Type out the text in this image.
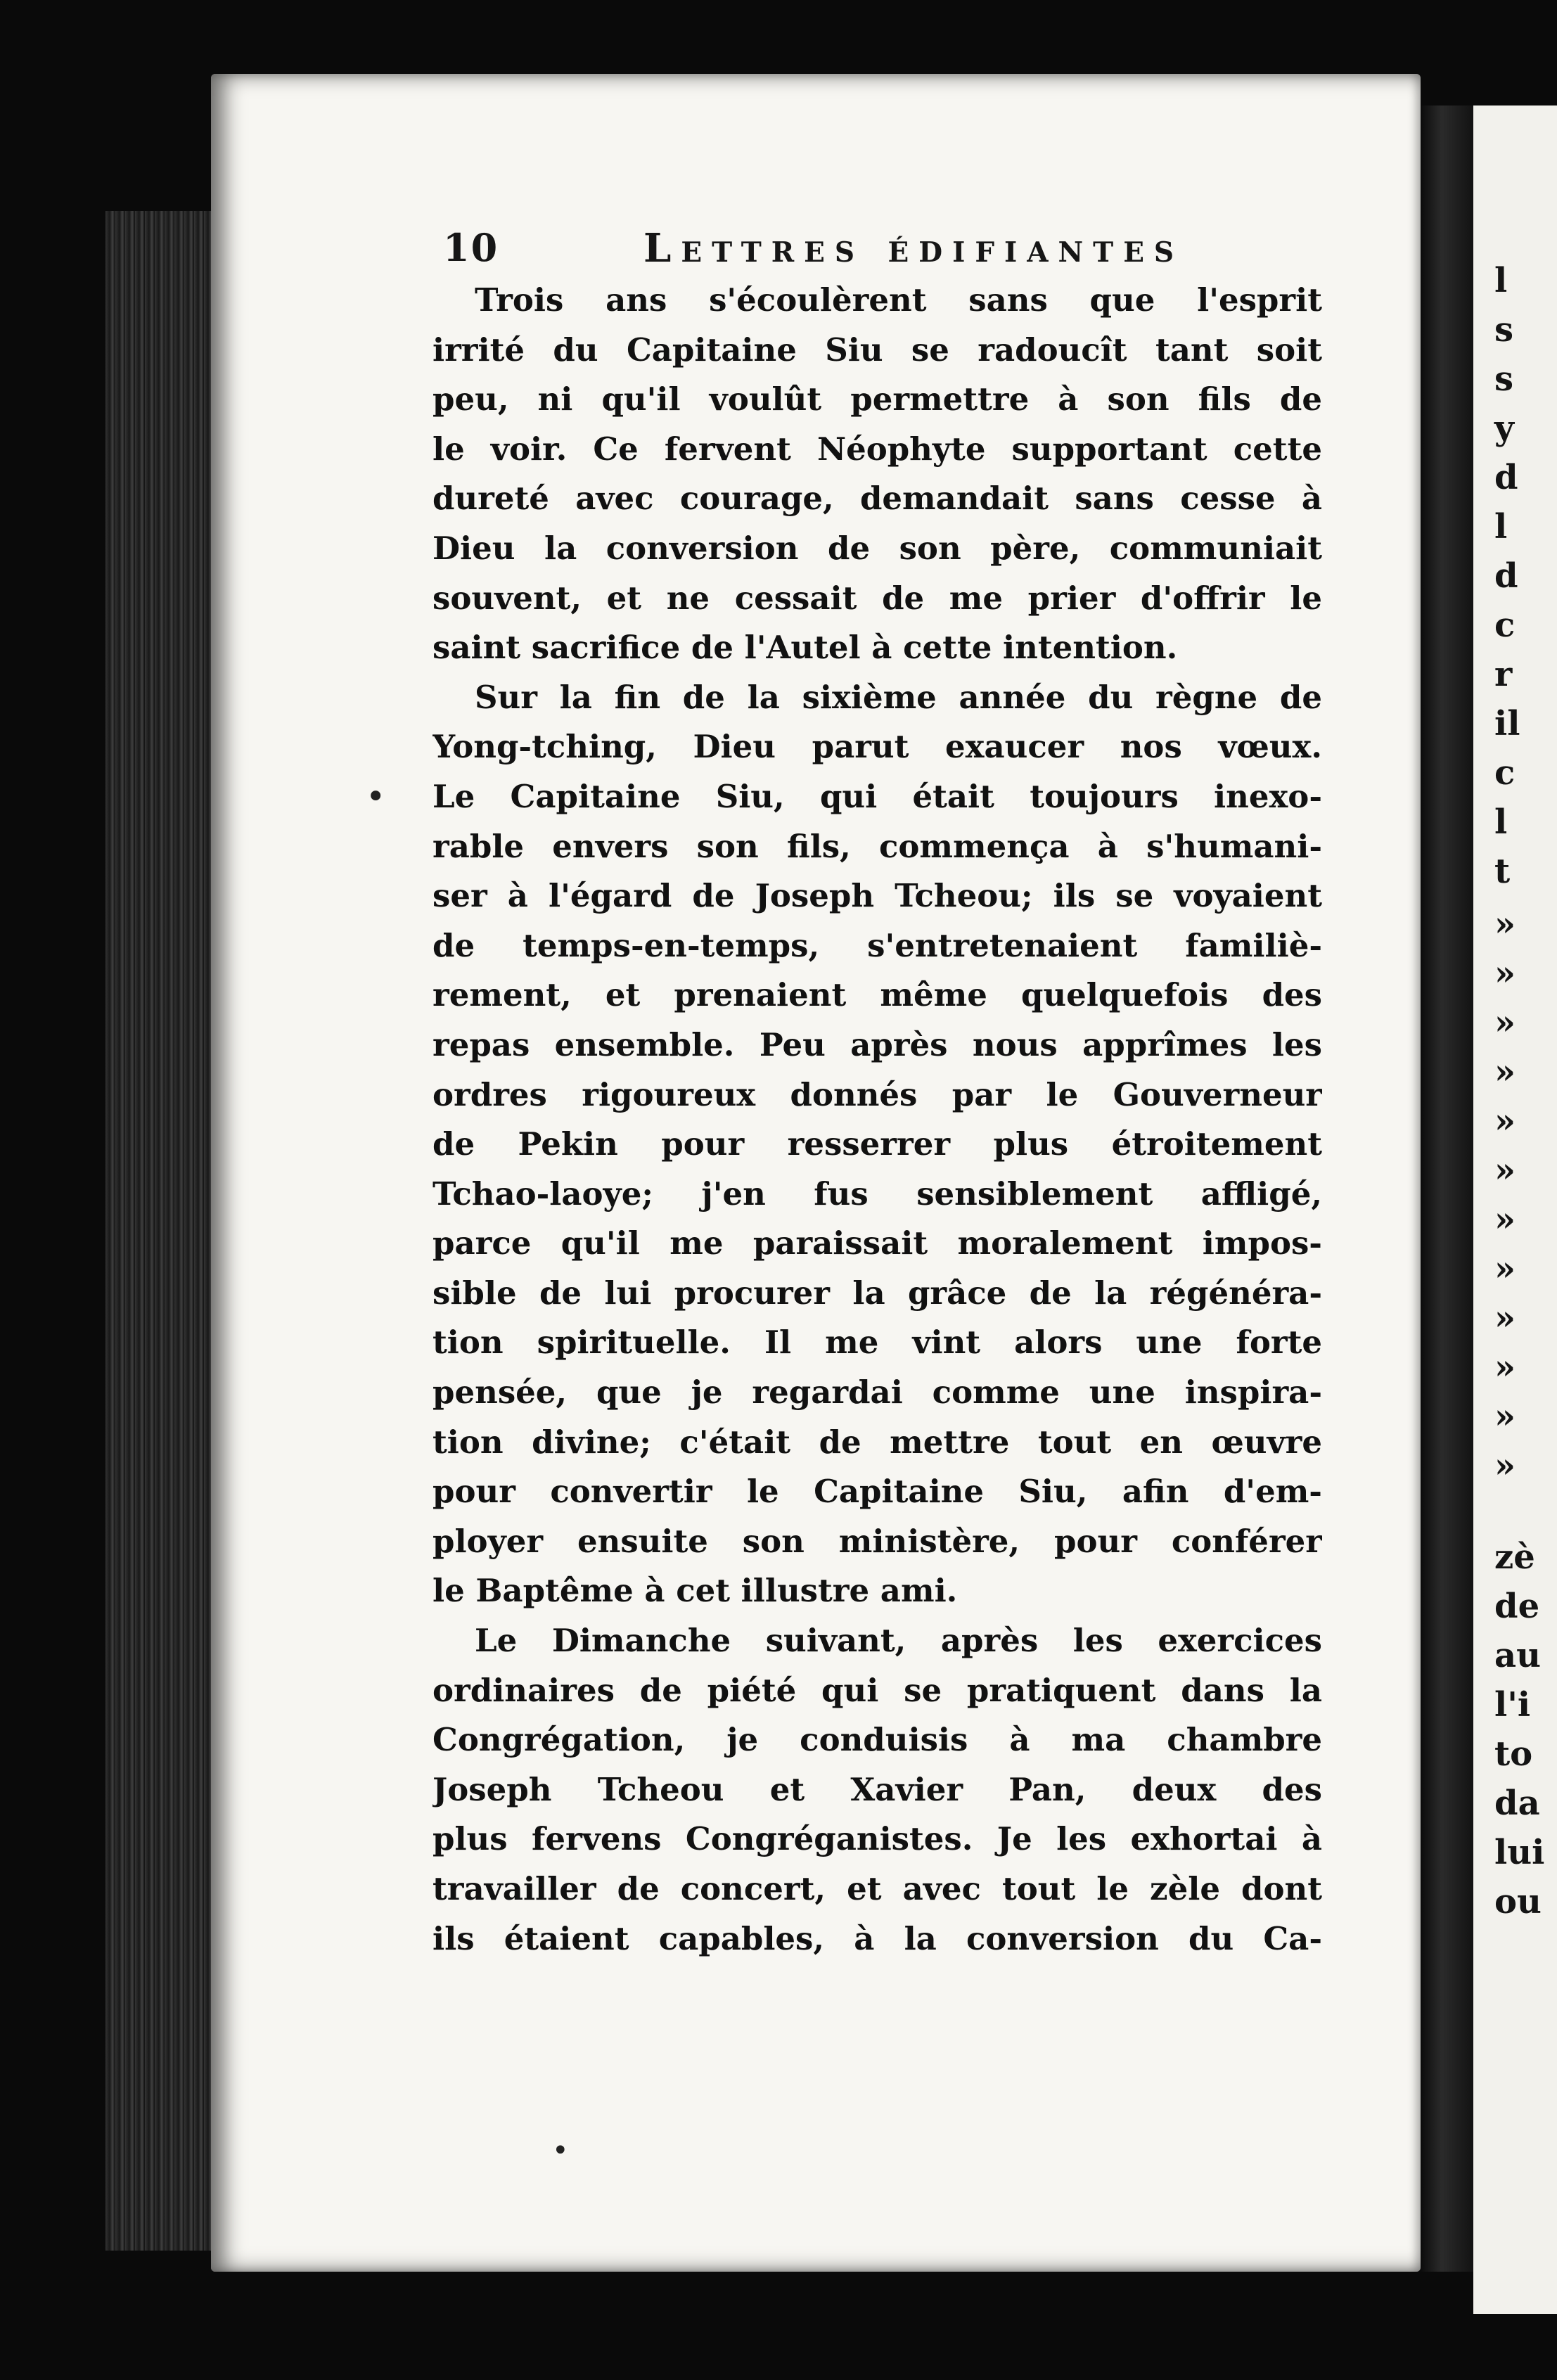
l
s
s
y
d
l
d
c
r
il
c
l
t
»
»
»
»
»
»
»
»
»
»
»
»
zè
de
au
l'i
to
da
lui
ou
10	Lettres édifiantes
Trois ans s'écoulèrent sans que l'esprit
irrité du Capitaine Siu se radoucît tant soit
peu, ni qu'il voulût permettre à son fils de
le voir. Ce fervent Néophyte supportant cette
dureté avec courage, demandait sans cesse à
Dieu la conversion de son père, communiait
souvent, et ne cessait de me prier d'offrir le
saint sacrifice de l'Autel à cette intention.
Sur la fin de la sixième année du règne de
Yong-tching, Dieu parut exaucer nos vœux.
Le Capitaine Siu, qui était toujours inexo-
rable envers son fils, commença à s'humani-
ser à l'égard de Joseph Tcheou; ils se voyaient
de temps-en-temps, s'entretenaient familiè-
rement, et prenaient même quelquefois des
repas ensemble. Peu après nous apprîmes les
ordres rigoureux donnés par le Gouverneur
de Pekin pour resserrer plus étroitement
Tchao-laoye; j'en fus sensiblement affligé,
parce qu'il me paraissait moralement impos-
sible de lui procurer la grâce de la régénéra-
tion spirituelle. Il me vint alors une forte
pensée, que je regardai comme une inspira-
tion divine; c'était de mettre tout en œuvre
pour convertir le Capitaine Siu, afin d'em-
ployer ensuite son ministère, pour conférer
le Baptême à cet illustre ami.
Le Dimanche suivant, après les exercices
ordinaires de piété qui se pratiquent dans la
Congrégation, je conduisis à ma chambre
Joseph Tcheou et Xavier Pan, deux des
plus fervens Congréganistes. Je les exhortai à
travailler de concert, et avec tout le zèle dont
ils étaient capables, à la conversion du Ca-
•
•
